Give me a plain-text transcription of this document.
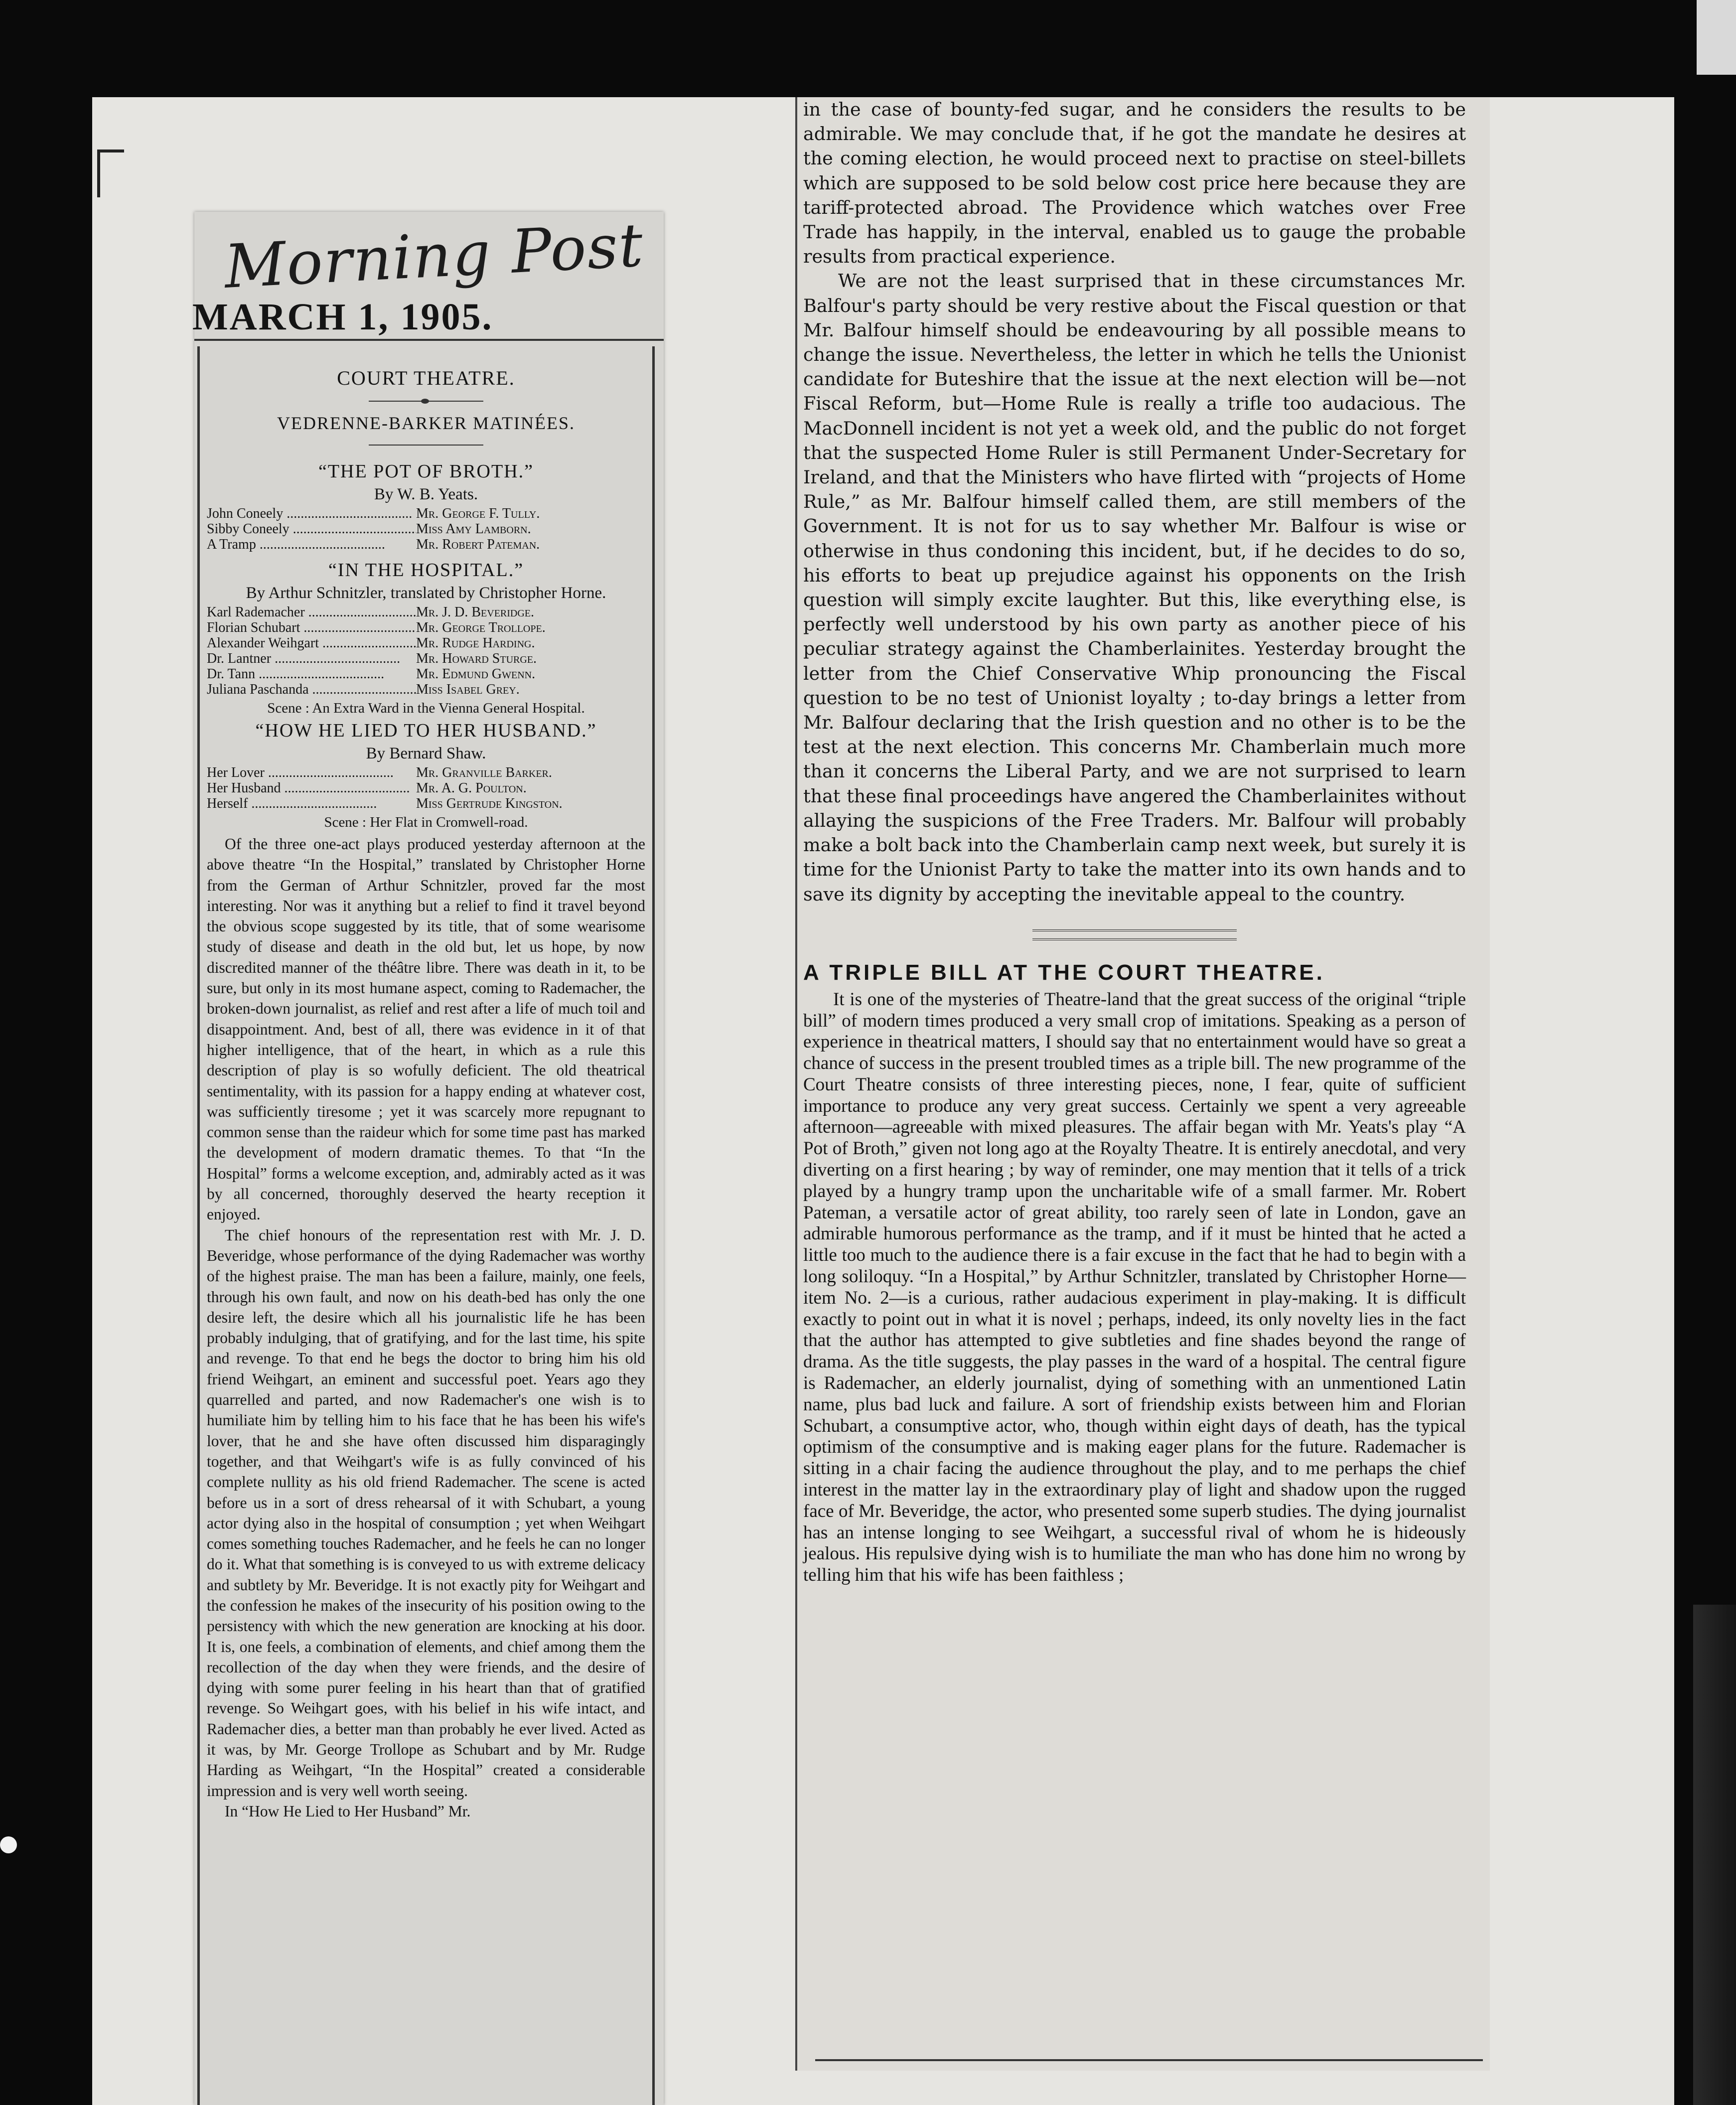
Morning Post
MARCH 1, 1905.

COURT THEATRE.

VEDRENNE-BARKER MATINÉES.

“THE POT OF BROTH.”

By W. B. Yeats.
John Coneely .....	Mr. George F. Tully.
Sibby Coneely .....	Miss Amy Lamborn.
A Tramp .....	Mr. Robert Pateman.

“IN THE HOSPITAL.”

By Arthur Schnitzler, translated by Christopher Horne.
Karl Rademacher .....	Mr. J. D. Beveridge.
Florian Schubart .....	Mr. George Trollope.
Alexander Weihgart .....	Mr. Rudge Harding.
Dr. Lantner .....	Mr. Howard Sturge.
Dr. Tann .....	Mr. Edmund Gwenn.
Juliana Paschanda .....	Miss Isabel Grey.
Scene : An Extra Ward in the Vienna General Hospital.

“HOW HE LIED TO HER HUSBAND.”

By Bernard Shaw.
Her Lover .....	Mr. Granville Barker.
Her Husband .....	Mr. A. G. Poulton.
Herself .....	Miss Gertrude Kingston.
Scene : Her Flat in Cromwell-road.

Of the three one-act plays produced yesterday afternoon at the above theatre “In the Hospital,” translated by Christopher Horne from the German of Arthur Schnitzler, proved far the most interesting. Nor was it anything but a relief to find it travel beyond the obvious scope suggested by its title, that of some wearisome study of disease and death in the old but, let us hope, by now discredited manner of the théâtre libre. There was death in it, to be sure, but only in its most humane aspect, coming to Rademacher, the broken-down journalist, as relief and rest after a life of much toil and disappointment. And, best of all, there was evidence in it of that higher intelligence, that of the heart, in which as a rule this description of play is so wofully deficient. The old theatrical sentimentality, with its passion for a happy ending at whatever cost, was sufficiently tiresome ; yet it was scarcely more repugnant to common sense than the raideur which for some time past has marked the development of modern dramatic themes. To that “In the Hospital” forms a welcome exception, and, admirably acted as it was by all concerned, thoroughly deserved the hearty reception it enjoyed.

The chief honours of the representation rest with Mr. J. D. Beveridge, whose performance of the dying Rademacher was worthy of the highest praise. The man has been a failure, mainly, one feels, through his own fault, and now on his death-bed has only the one desire left, the desire which all his journalistic life he has been probably indulging, that of gratifying, and for the last time, his spite and revenge. To that end he begs the doctor to bring him his old friend Weihgart, an eminent and successful poet. Years ago they quarrelled and parted, and now Rademacher's one wish is to humiliate him by telling him to his face that he has been his wife's lover, that he and she have often discussed him disparagingly together, and that Weihgart's wife is as fully convinced of his complete nullity as his old friend Rademacher. The scene is acted before us in a sort of dress rehearsal of it with Schubart, a young actor dying also in the hospital of consumption ; yet when Weihgart comes something touches Rademacher, and he feels he can no longer do it. What that something is is conveyed to us with extreme delicacy and subtlety by Mr. Beveridge. It is not exactly pity for Weihgart and the confession he makes of the insecurity of his position owing to the persistency with which the new generation are knocking at his door. It is, one feels, a combination of elements, and chief among them the recollection of the day when they were friends, and the desire of dying with some purer feeling in his heart than that of gratified revenge. So Weihgart goes, with his belief in his wife intact, and Rademacher dies, a better man than probably he ever lived. Acted as it was, by Mr. George Trollope as Schubart and by Mr. Rudge Harding as Weihgart, “In the Hospital” created a considerable impression and is very well worth seeing.

In “How He Lied to Her Husband” Mr.

in the case of bounty-fed sugar, and he considers the results to be admirable. We may conclude that, if he got the mandate he desires at the coming election, he would proceed next to practise on steel-billets which are supposed to be sold below cost price here because they are tariff-protected abroad. The Providence which watches over Free Trade has happily, in the interval, enabled us to gauge the probable results from practical experience.

We are not the least surprised that in these circumstances Mr. Balfour's party should be very restive about the Fiscal question or that Mr. Balfour himself should be endeavouring by all possible means to change the issue. Nevertheless, the letter in which he tells the Unionist candidate for Buteshire that the issue at the next election will be—not Fiscal Reform, but—Home Rule is really a trifle too audacious. The MacDonnell incident is not yet a week old, and the public do not forget that the suspected Home Ruler is still Permanent Under-Secretary for Ireland, and that the Ministers who have flirted with “projects of Home Rule,” as Mr. Balfour himself called them, are still members of the Government. It is not for us to say whether Mr. Balfour is wise or otherwise in thus condoning this incident, but, if he decides to do so, his efforts to beat up prejudice against his opponents on the Irish question will simply excite laughter. But this, like everything else, is perfectly well understood by his own party as another piece of his peculiar strategy against the Chamberlainites. Yesterday brought the letter from the Chief Conservative Whip pronouncing the Fiscal question to be no test of Unionist loyalty ; to-day brings a letter from Mr. Balfour declaring that the Irish question and no other is to be the test at the next election. This concerns Mr. Chamberlain much more than it concerns the Liberal Party, and we are not surprised to learn that these final proceedings have angered the Chamberlainites without allaying the suspicions of the Free Traders. Mr. Balfour will probably make a bolt back into the Chamberlain camp next week, but surely it is time for the Unionist Party to take the matter into its own hands and to save its dignity by accepting the inevitable appeal to the country.

A TRIPLE BILL AT THE COURT THEATRE.

It is one of the mysteries of Theatre-land that the great success of the original “triple bill” of modern times produced a very small crop of imitations. Speaking as a person of experience in theatrical matters, I should say that no entertainment would have so great a chance of success in the present troubled times as a triple bill. The new programme of the Court Theatre consists of three interesting pieces, none, I fear, quite of sufficient importance to produce any very great success. Certainly we spent a very agreeable afternoon—agreeable with mixed pleasures. The affair began with Mr. Yeats's play “A Pot of Broth,” given not long ago at the Royalty Theatre. It is entirely anecdotal, and very diverting on a first hearing ; by way of reminder, one may mention that it tells of a trick played by a hungry tramp upon the uncharitable wife of a small farmer. Mr. Robert Pateman, a versatile actor of great ability, too rarely seen of late in London, gave an admirable humorous performance as the tramp, and if it must be hinted that he acted a little too much to the audience there is a fair excuse in the fact that he had to begin with a long soliloquy. “In a Hospital,” by Arthur Schnitzler, translated by Christopher Horne—item No. 2—is a curious, rather audacious experiment in play-making. It is difficult exactly to point out in what it is novel ; perhaps, indeed, its only novelty lies in the fact that the author has attempted to give subtleties and fine shades beyond the range of drama. As the title suggests, the play passes in the ward of a hospital. The central figure is Rademacher, an elderly journalist, dying of something with an unmentioned Latin name, plus bad luck and failure. A sort of friendship exists between him and Florian Schubart, a consumptive actor, who, though within eight days of death, has the typical optimism of the consumptive and is making eager plans for the future. Rademacher is sitting in a chair facing the audience throughout the play, and to me perhaps the chief interest in the matter lay in the extraordinary play of light and shadow upon the rugged face of Mr. Beveridge, the actor, who presented some superb studies. The dying journalist has an intense longing to see Weihgart, a successful rival of whom he is hideously jealous. His repulsive dying wish is to humiliate the man who has done him no wrong by telling him that his wife has been faithless ;
